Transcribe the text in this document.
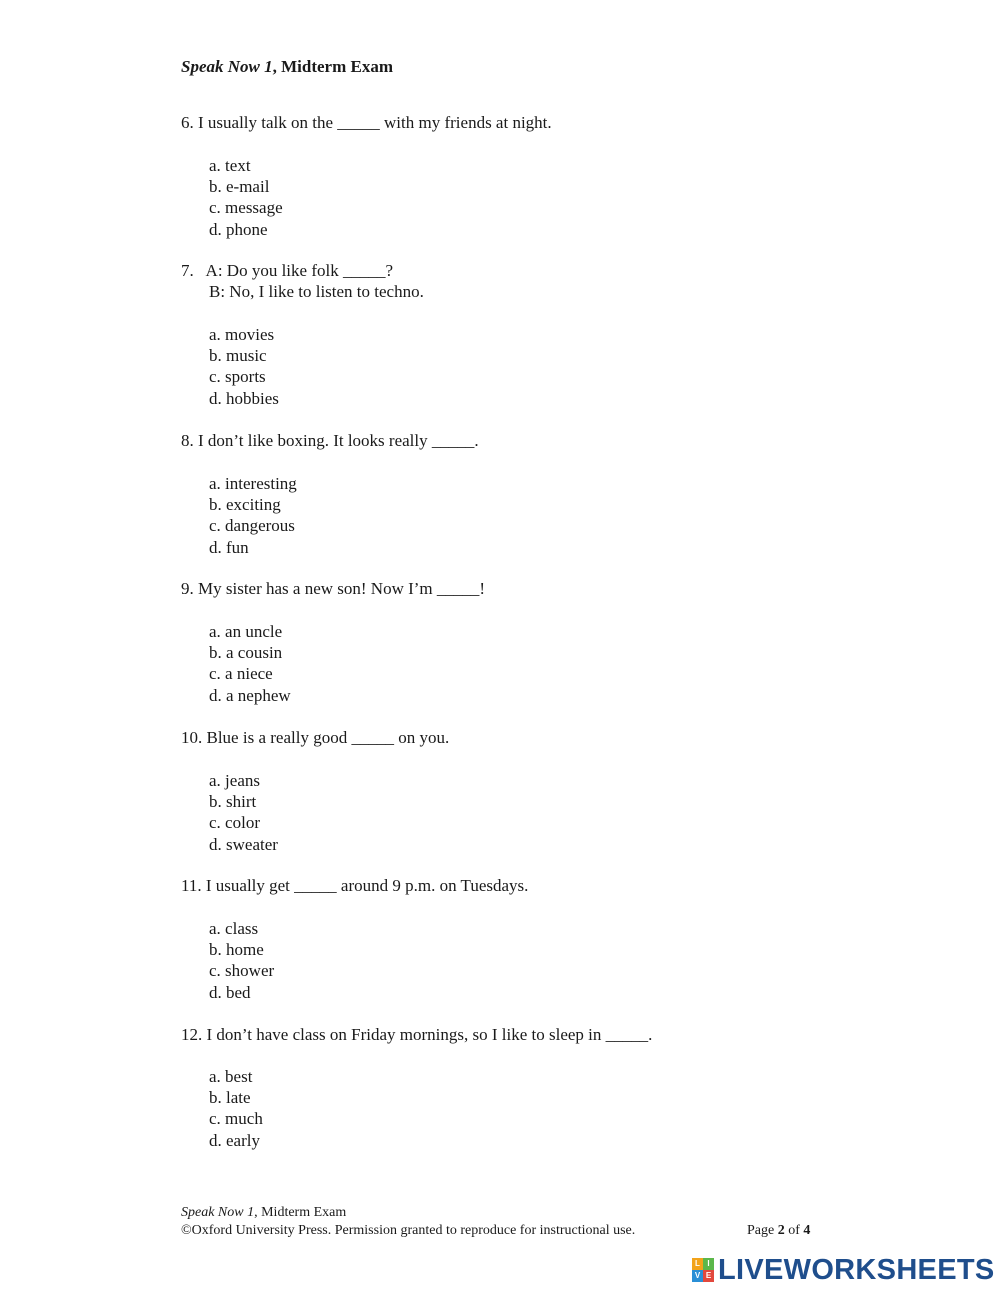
Speak Now 1, Midterm Exam
6. I usually talk on the _____ with my friends at night.
a. text
b. e-mail
c. message
d. phone
7.   A: Do you like folk _____?
B: No, I like to listen to techno.
a. movies
b. music
c. sports
d. hobbies
8. I don’t like boxing. It looks really _____.
a. interesting
b. exciting
c. dangerous
d. fun
9. My sister has a new son! Now I’m _____!
a. an uncle
b. a cousin
c. a niece
d. a nephew
10. Blue is a really good _____ on you.
a. jeans
b. shirt
c. color
d. sweater
11. I usually get _____ around 9 p.m. on Tuesdays.
a. class
b. home
c. shower
d. bed
12. I don’t have class on Friday mornings, so I like to sleep in _____.
a. best
b. late
c. much
d. early
Speak Now 1, Midterm Exam
©Oxford University Press. Permission granted to reproduce for instructional use.	Page 2 of 4
L I
V E LIVEWORKSHEETS
